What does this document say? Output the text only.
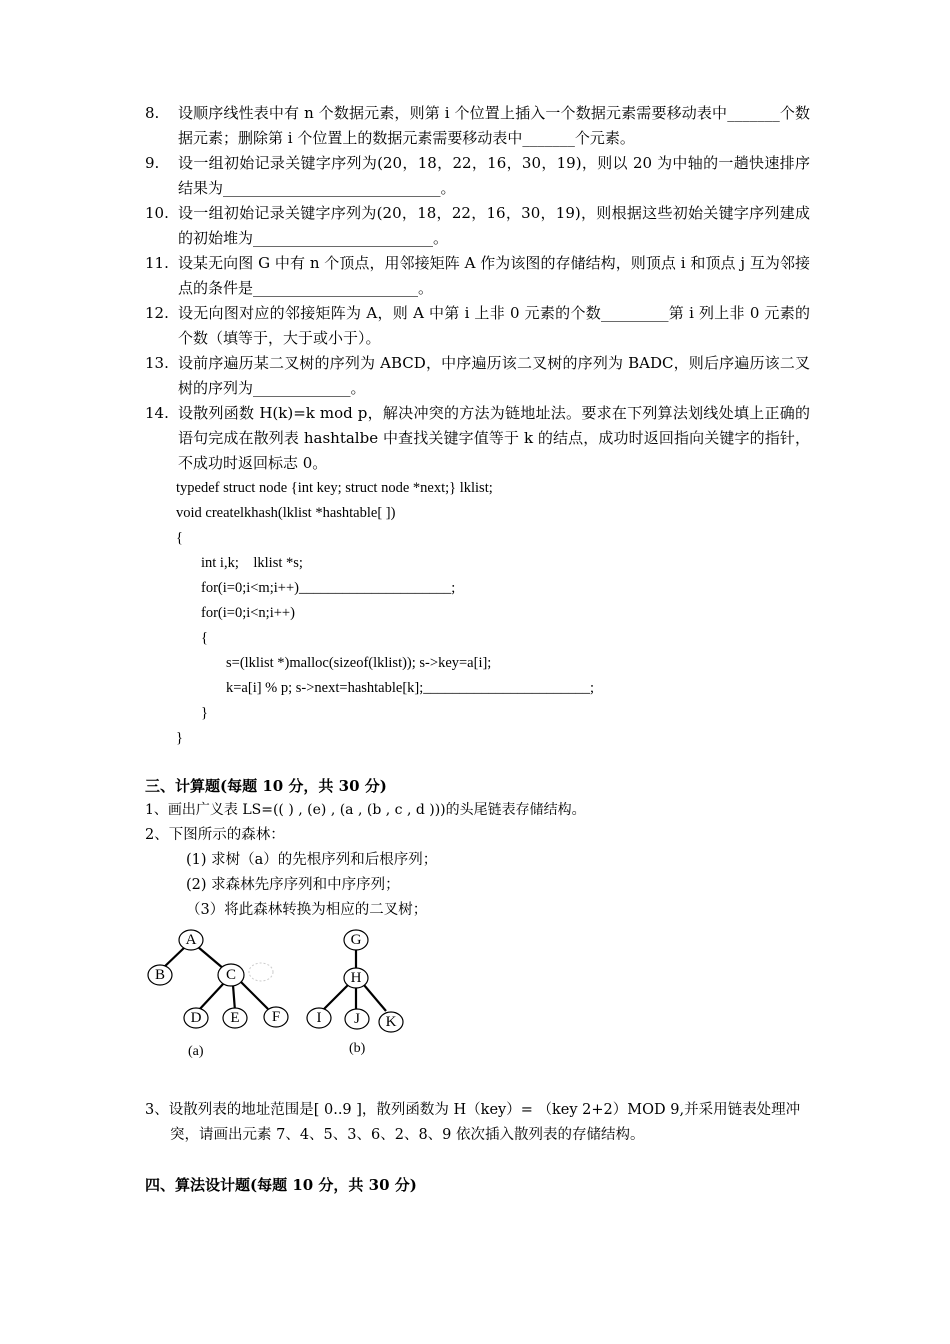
8. 设顺序线性表中有 n 个数据元素，则第 i 个位置上插入一个数据元素需要移动表中_______个数据元素；删除第 i 个位置上的数据元素需要移动表中_______个元素。
9. 设一组初始记录关键字序列为(20，18，22，16，30，19)，则以 20 为中轴的一趟快速排序结果为_____________________________。
10. 设一组初始记录关键字序列为(20，18，22，16，30，19)，则根据这些初始关键字序列建成的初始堆为________________________。
11. 设某无向图 G 中有 n 个顶点，用邻接矩阵 A 作为该图的存储结构，则顶点 i 和顶点 j 互为邻接点的条件是______________________。
12. 设无向图对应的邻接矩阵为 A，则 A 中第 i 上非 0 元素的个数_________第 i 列上非 0 元素的个数（填等于，大于或小于）。
13. 设前序遍历某二叉树的序列为 ABCD，中序遍历该二叉树的序列为 BADC，则后序遍历该二叉树的序列为_____________。
14. 设散列函数 H(k)=k mod p，解决冲突的方法为链地址法。要求在下列算法划线处填上正确的语句完成在散列表 hashtalbe 中查找关键字值等于 k 的结点，成功时返回指向关键字的指针，不成功时返回标志 0。
typedef struct node {int key; struct node *next;} lklist;
void createlkhash(lklist *hashtable[ ])
{
int i,k;    lklist *s;
for(i=0;i<m;i++)_____________________;
for(i=0;i<n;i++)
{
s=(lklist *)malloc(sizeof(lklist)); s->key=a[i];
k=a[i] % p; s->next=hashtable[k];_______________________;
}
}
三、计算题(每题 10 分，共 30 分)
1、画出广义表 LS=(( ) , (e) , (a , (b , c , d )))的头尾链表存储结构。
2、下图所示的森林：
(1) 求树（a）的先根序列和后根序列；
(2) 求森林先序序列和中序序列；
（3）将此森林转换为相应的二叉树；
A
B	C
D E F
G
H
I J K
(a)	(b)
3、设散列表的地址范围是[ 0..9 ]，散列函数为 H（key）= （key 2+2）MOD 9,并采用链表处理冲突，请画出元素 7、4、5、3、6、2、8、9 依次插入散列表的存储结构。
四、算法设计题(每题 10 分，共 30 分)
